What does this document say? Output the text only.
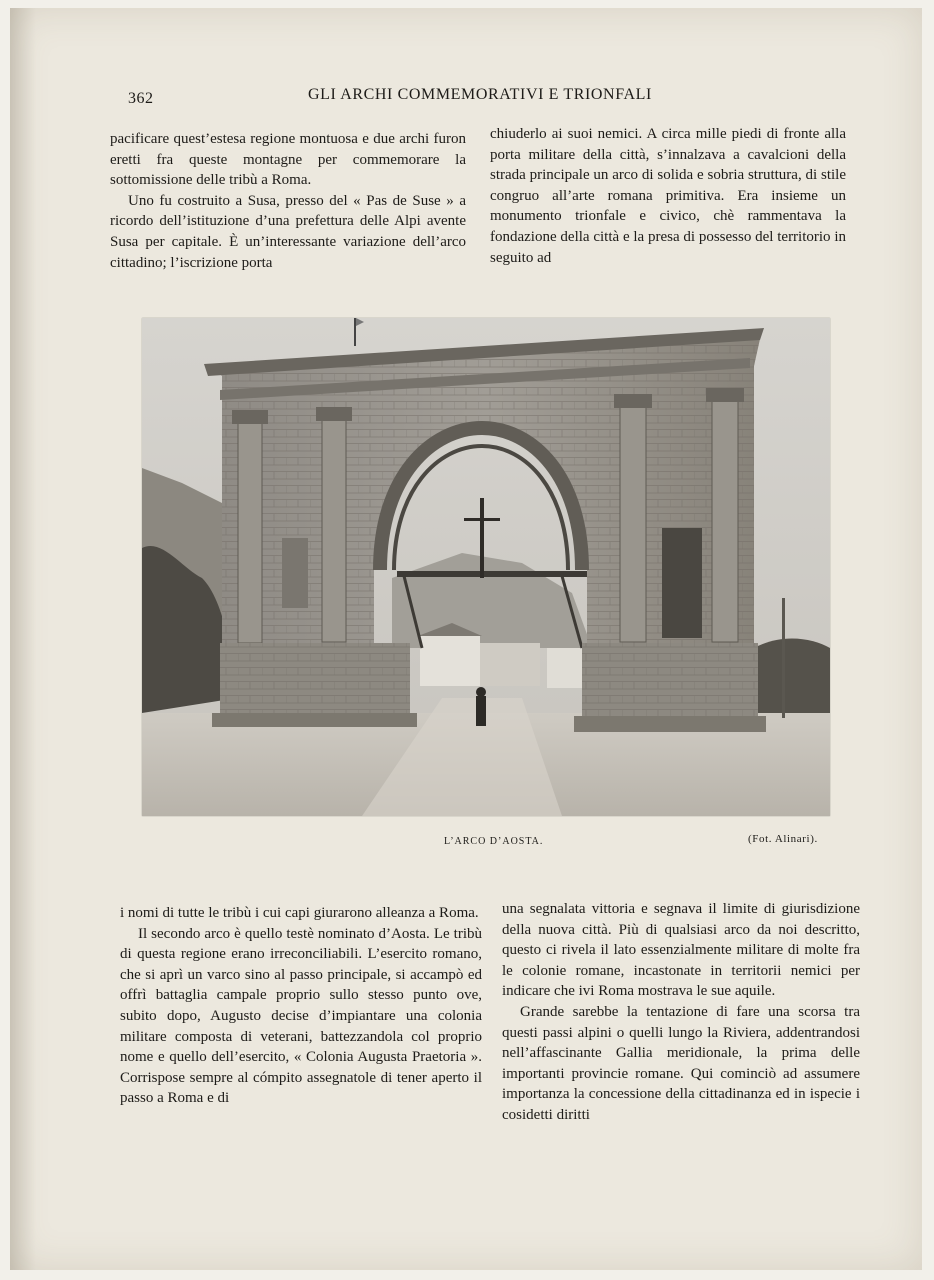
362	GLI ARCHI COMMEMORATIVI E TRIONFALI

pacificare quest’estesa regione montuosa e due archi furon eretti fra queste montagne per commemorare la sottomissione delle tribù a Roma.

Uno fu costruito a Susa, presso del « Pas de Suse » a ricordo dell’istituzione d’una prefettura delle Alpi avente Susa per capitale. È un’interessante variazione dell’arco cittadino; l’iscrizione porta

chiuderlo ai suoi nemici. A circa mille piedi di fronte alla porta militare della città, s’innalzava a cavalcioni della strada principale un arco di solida e sobria struttura, di stile congruo all’arte romana primitiva. Era insieme un monumento trionfale e civico, chè rammentava la fondazione della città e la presa di possesso del territorio in seguito ad

L’ARCO D’AOSTA.	(Fot. Alinari).

i nomi di tutte le tribù i cui capi giurarono alleanza a Roma.

Il secondo arco è quello testè nominato d’Aosta. Le tribù di questa regione erano irreconciliabili. L’esercito romano, che si aprì un varco sino al passo principale, si accampò ed offrì battaglia campale proprio sullo stesso punto ove, subito dopo, Augusto decise d’impiantare una colonia militare composta di veterani, battezzandola col proprio nome e quello dell’esercito, « Colonia Augusta Praetoria ». Corrispose sempre al cómpito assegnatole di tener aperto il passo a Roma e di

una segnalata vittoria e segnava il limite di giurisdizione della nuova città. Più di qualsiasi arco da noi descritto, questo ci rivela il lato essenzialmente militare di molte fra le colonie romane, incastonate in territorii nemici per indicare che ivi Roma mostrava le sue aquile.

Grande sarebbe la tentazione di fare una scorsa tra questi passi alpini o quelli lungo la Riviera, addentrandosi nell’affascinante Gallia meridionale, la prima delle importanti provincie romane. Qui cominciò ad assumere importanza la concessione della cittadinanza ed in ispecie i cosidetti diritti
